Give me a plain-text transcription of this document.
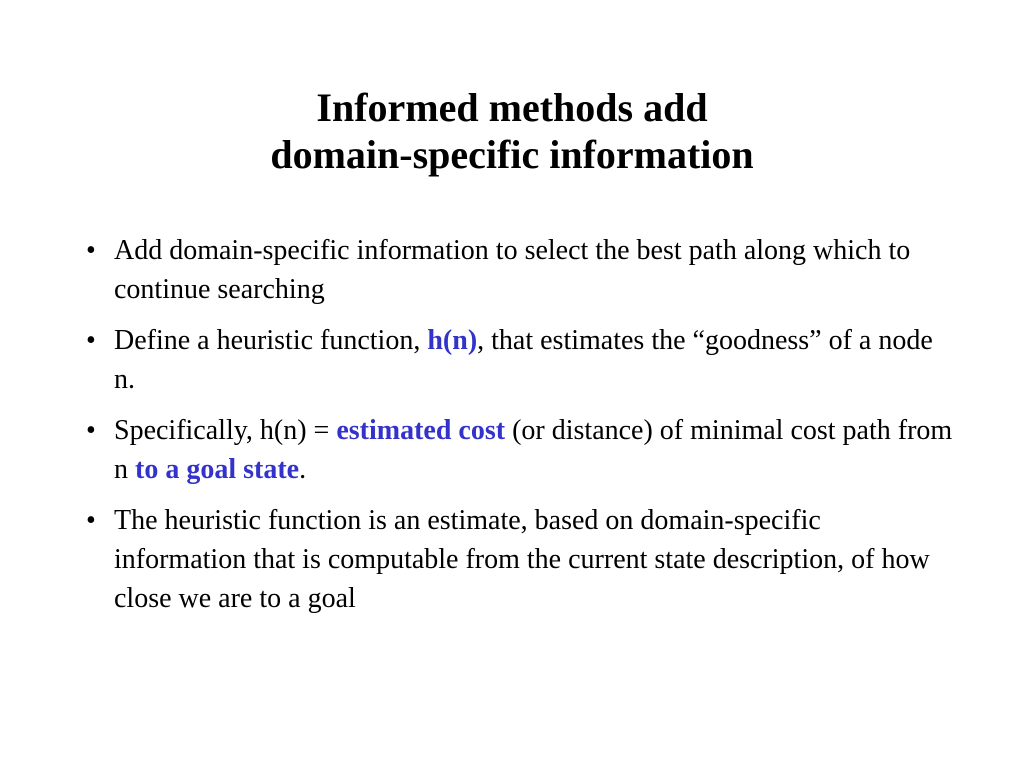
Informed methods add
domain-specific information
• Add domain-specific information to select the best path along which to continue searching
• Define a heuristic function, h(n), that estimates the “goodness” of a node n.
• Specifically, h(n) = estimated cost (or distance) of minimal cost path from n to a goal state.
• The heuristic function is an estimate, based on domain-specific information that is computable from the current state description, of how close we are to a goal
